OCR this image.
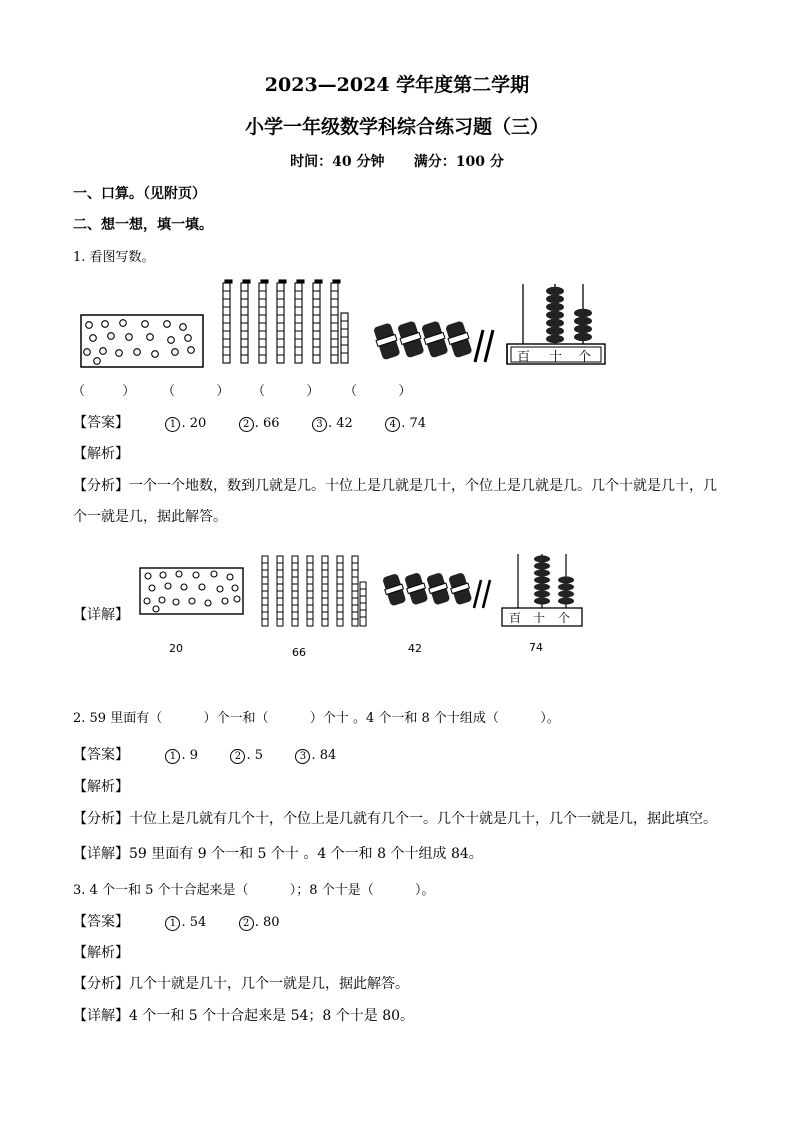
2023—2024 学年度第二学期
小学一年级数学科综合练习题（三）
时间：40 分钟      满分：100 分
一、口算。（见附页）
二、想一想，填一填。
1. 看图写数。
百 十 个
（         ） （          ） （          ） （          ）
【答案】	1 . 20	2 . 66	3 . 42	4 . 74
【解析】
【分析】一个一个地数，数到几就是几。十位上是几就是几十，个位上是几就是几。几个十就是几十，几
个一就是几，据此解答。
【详解】	百 十 个
20	66	42	74
2. 59 里面有（          ）个一和（          ）个十 。4 个一和 8 个十组成（          ）。
【答案】	1 . 9	2 . 5	3 . 84
【解析】
【分析】十位上是几就有几个十，个位上是几就有几个一。几个十就是几十，几个一就是几，据此填空。
【详解】59 里面有 9 个一和 5 个十 。4 个一和 8 个十组成 84。
3. 4 个一和 5 个十合起来是（          ）；8 个十是（          ）。
【答案】	1 . 54	2 . 80
【解析】
【分析】几个十就是几十，几个一就是几，据此解答。
【详解】4 个一和 5 个十合起来是 54；8 个十是 80。
